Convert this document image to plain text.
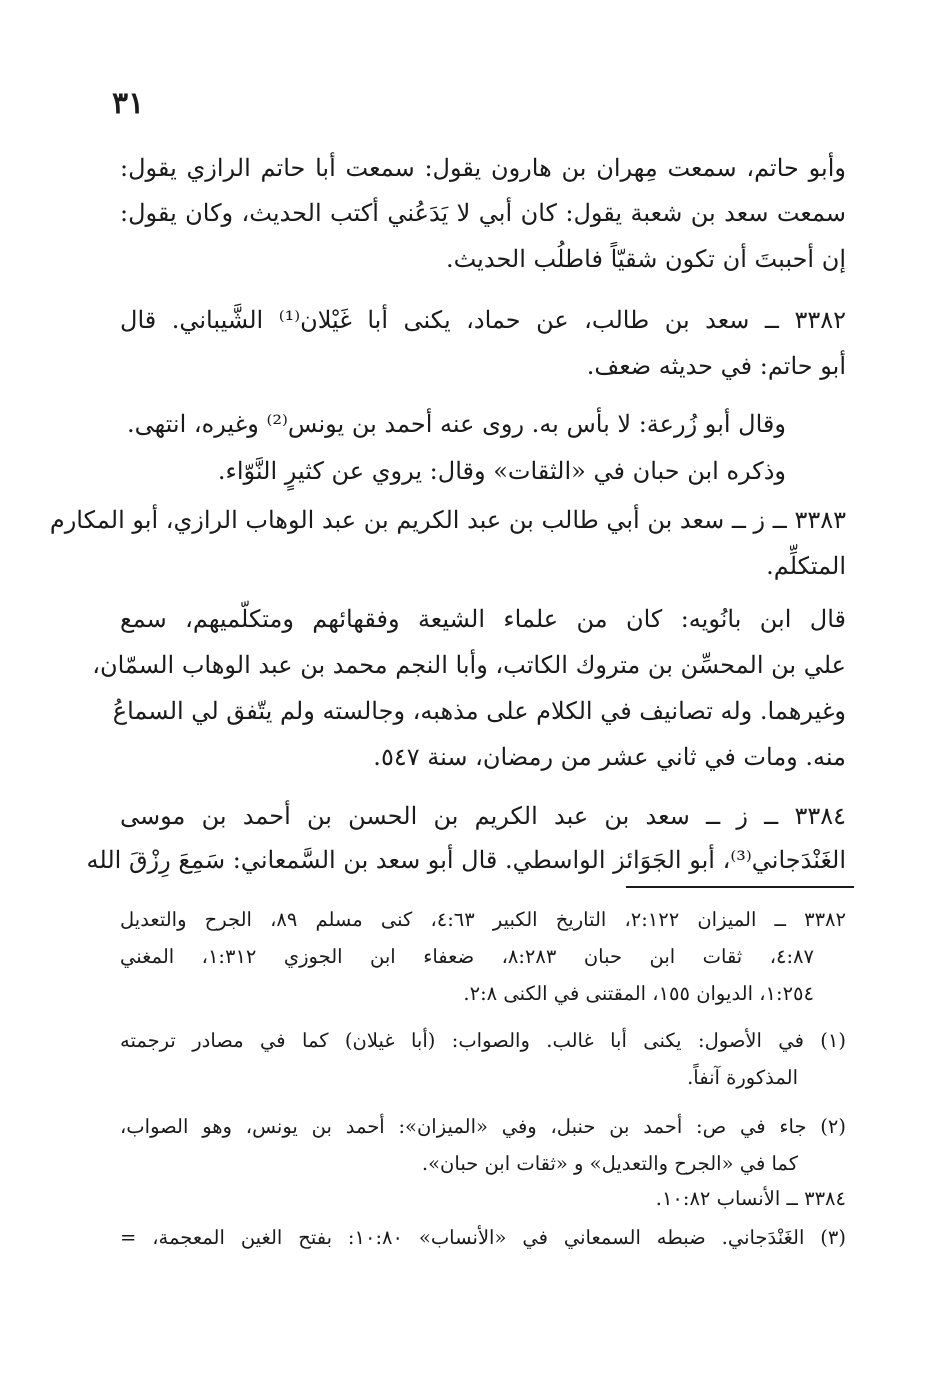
٣١
وأبو حاتم، سمعت مِهران بن هارون يقول: سمعت أبا حاتم الرازي يقول:
سمعت سعد بن شعبة يقول: كان أبي لا يَدَعُني أكتب الحديث، وكان يقول:
إن أحببتَ أن تكون شقيّاً فاطلُب الحديث.
٣٣٨٢ ــ سعد بن طالب، عن حماد، يكنى أبا غَيْلان⁽¹⁾ الشَّيباني. قال
أبو حاتم: في حديثه ضعف.
وقال أبو زُرعة: لا بأس به. روى عنه أحمد بن يونس⁽²⁾ وغيره، انتهى.
وذكره ابن حبان في «الثقات» وقال: يروي عن كثيرٍ النَّوّاء.
٣٣٨٣ ــ ز ــ سعد بن أبي طالب بن عبد الكريم بن عبد الوهاب الرازي، أبو المكارم
المتكلِّم.
قال ابن بانُويه: كان من علماء الشيعة وفقهائهم ومتكلّميهم، سمع
علي بن المحسِّن بن متروك الكاتب، وأبا النجم محمد بن عبد الوهاب السمّان،
وغيرهما. وله تصانيف في الكلام على مذهبه، وجالسته ولم يتّفق لي السماعُ
منه. ومات في ثاني عشر من رمضان، سنة ٥٤٧.
٣٣٨٤ ــ ز ــ سعد بن عبد الكريم بن الحسن بن أحمد بن موسى
الغَنْدَجاني⁽³⁾، أبو الجَوَائز الواسطي. قال أبو سعد بن السَّمعاني: سَمِعَ رِزْقَ الله
٣٣٨٢ ــ الميزان ٢:١٢٢، التاريخ الكبير ٤:٦٣، كنى مسلم ٨٩، الجرح والتعديل
٤:٨٧، ثقات ابن حبان ٨:٢٨٣، ضعفاء ابن الجوزي ١:٣١٢، المغني
١:٢٥٤، الديوان ١٥٥، المقتنى في الكنى ٢:٨.
(١) في الأصول: يكنى أبا غالب. والصواب: (أبا غيلان) كما في مصادر ترجمته
المذكورة آنفاً.
(٢) جاء في ص: أحمد بن حنبل، وفي «الميزان»: أحمد بن يونس، وهو الصواب،
كما في «الجرح والتعديل» و «ثقات ابن حبان».
٣٣٨٤ ــ الأنساب ١٠:٨٢.
(٣) الغَنْدَجاني. ضبطه السمعاني في «الأنساب» ١٠:٨٠: بفتح الغين المعجمة، =
